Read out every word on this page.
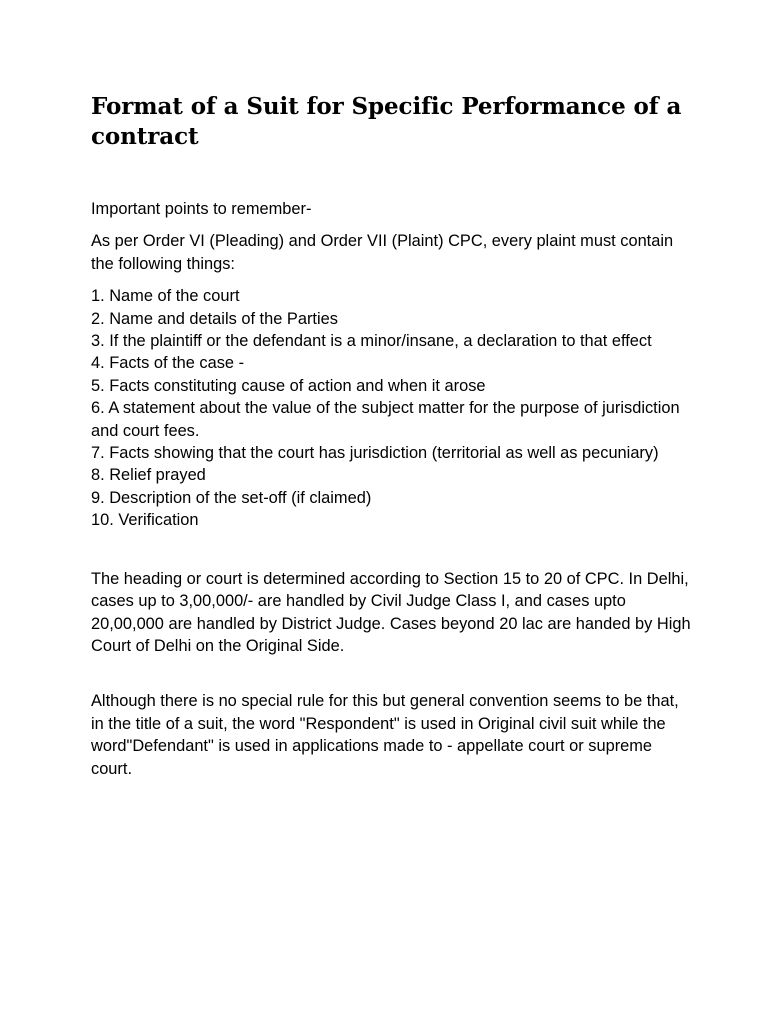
Format of a Suit for Specific Performance of a contract

Important points to remember-

As per Order VI (Pleading) and Order VII (Plaint) CPC, every plaint must contain the following things:

1. Name of the court
2. Name and details of the Parties
3. If the plaintiff or the defendant is a minor/insane, a declaration to that effect
4. Facts of the case -
5. Facts constituting cause of action and when it arose
6. A statement about the value of the subject matter for the purpose of jurisdiction and court fees.
7. Facts showing that the court has jurisdiction (territorial as well as pecuniary)
8. Relief prayed
9. Description of the set-off (if claimed)
10. Verification

The heading or court is determined according to Section 15 to 20 of CPC. In Delhi, cases up to 3,00,000/- are handled by Civil Judge Class I, and cases upto 20,00,000 are handled by District Judge. Cases beyond 20 lac are handed by High Court of Delhi on the Original Side.

Although there is no special rule for this but general convention seems to be that, in the title of a suit, the word "Respondent" is used in Original civil suit while the word"Defendant" is used in applications made to - appellate court or supreme court.
